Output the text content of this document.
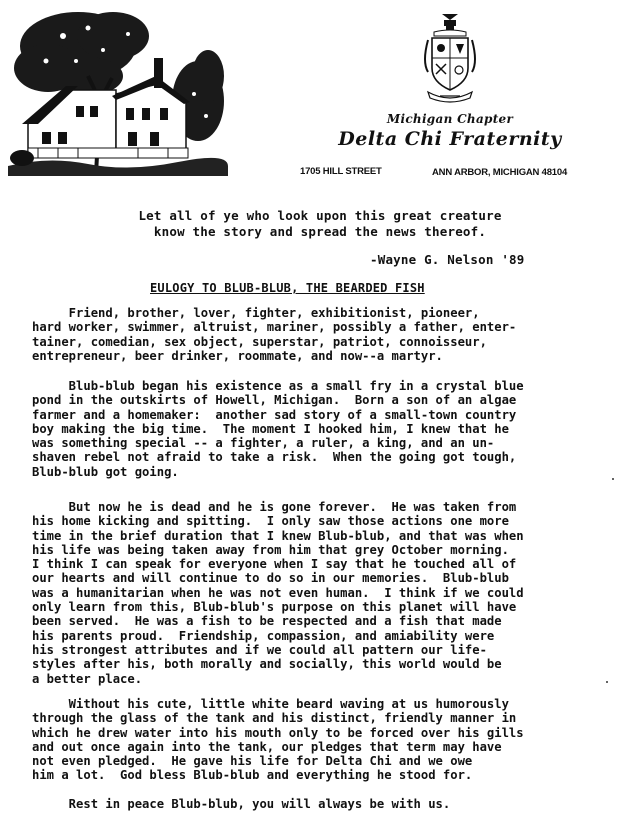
Michigan Chapter
Delta Chi Fraternity
1705 HILL STREET	ANN ARBOR, MICHIGAN 48104
Let all of ye who look upon this great creature
know the story and spread the news thereof.
-Wayne G. Nelson '89
EULOGY TO BLUB-BLUB, THE BEARDED FISH
Friend, brother, lover, fighter, exhibitionist, pioneer,
hard worker, swimmer, altruist, mariner, possibly a father, enter-
tainer, comedian, sex object, superstar, patriot, connoisseur,
entrepreneur, beer drinker, roommate, and now--a martyr.
Blub-blub began his existence as a small fry in a crystal blue
pond in the outskirts of Howell, Michigan.  Born a son of an algae
farmer and a homemaker:  another sad story of a small-town country
boy making the big time.  The moment I hooked him, I knew that he
was something special -- a fighter, a ruler, a king, and an un-
shaven rebel not afraid to take a risk.  When the going got tough,
Blub-blub got going.
But now he is dead and he is gone forever.  He was taken from
his home kicking and spitting.  I only saw those actions one more
time in the brief duration that I knew Blub-blub, and that was when
his life was being taken away from him that grey October morning.
I think I can speak for everyone when I say that he touched all of
our hearts and will continue to do so in our memories.  Blub-blub
was a humanitarian when he was not even human.  I think if we could
only learn from this, Blub-blub's purpose on this planet will have
been served.  He was a fish to be respected and a fish that made
his parents proud.  Friendship, compassion, and amiability were
his strongest attributes and if we could all pattern our life-
styles after his, both morally and socially, this world would be
a better place.
Without his cute, little white beard waving at us humorously
through the glass of the tank and his distinct, friendly manner in
which he drew water into his mouth only to be forced over his gills
and out once again into the tank, our pledges that term may have
not even pledged.  He gave his life for Delta Chi and we owe
him a lot.  God bless Blub-blub and everything he stood for.
Rest in peace Blub-blub, you will always be with us.
